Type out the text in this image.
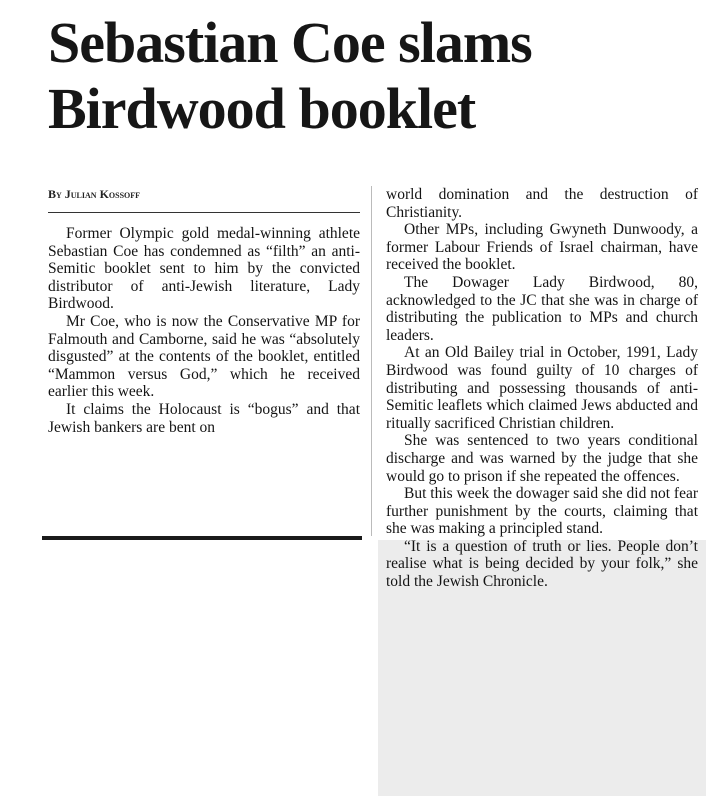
Sebastian Coe slams
Birdwood booklet
By Julian Kossoff

Former Olympic gold medal-winning athlete Sebastian Coe has condemned as “filth” an anti-Semitic booklet sent to him by the convicted distributor of anti-Jewish literature, Lady Birdwood.

Mr Coe, who is now the Conservative MP for Falmouth and Camborne, said he was “absolutely disgusted” at the contents of the booklet, entitled “Mammon versus God,” which he received earlier this week.

It claims the Holocaust is “bogus” and that Jewish bankers are bent on

world domination and the destruction of Christianity.

Other MPs, including Gwyneth Dunwoody, a former Labour Friends of Israel chairman, have received the booklet.

The Dowager Lady Birdwood, 80, acknowledged to the JC that she was in charge of distributing the publication to MPs and church leaders.

At an Old Bailey trial in October, 1991, Lady Birdwood was found guilty of 10 charges of distributing and possessing thousands of anti-Semitic leaflets which claimed Jews abducted and ritually sacrificed Christian children.

She was sentenced to two years conditional discharge and was warned by the judge that she would go to prison if she repeated the offences.

But this week the dowager said she did not fear further punishment by the courts, claiming that she was making a principled stand.

“It is a question of truth or lies. People don’t realise what is being decided by your folk,” she told the Jewish Chronicle.
